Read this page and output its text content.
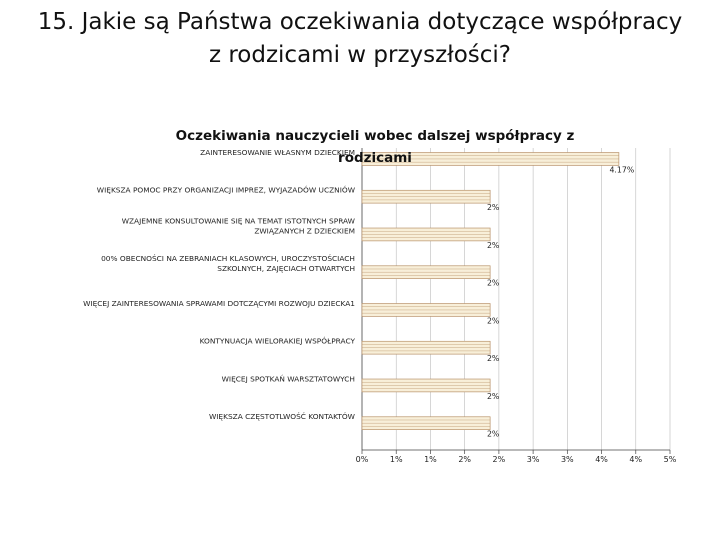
15. Jakie są Państwa oczekiwania dotyczące współpracy
z rodzicami w przyszłości?
0%	1%	1%	2%	2%	3%	3%	4%	4%	5%
ZAINTERESOWANIE WŁASNYM DZIECKIEM
4.17%
WIĘKSZA POMOC PRZY ORGANIZACJI IMPREZ, WYJAZADÓW UCZNIÓW
2%
WZAJEMNE KONSULTOWANIE SIĘ NA TEMAT ISTOTNYCH SPRAW
ZWIĄZANYCH Z DZIECKIEM
2%
00% OBECNOŚCI NA ZEBRANIACH KLASOWYCH, UROCZYSTOŚCIACH
SZKOLNYCH, ZAJĘCIACH OTWARTYCH
2%
WIĘCEJ ZAINTERESOWANIA SPRAWAMI DOTCZĄCYMI ROZWOJU DZIECKA1
2%
KONTYNUACJA WIELORAKIEJ WSPÓŁPRACY
2%
WIĘCEJ SPOTKAŃ WARSZTATOWYCH
2%
WIĘKSZA CZĘSTOTLWOŚĆ KONTAKTÓW
2%
Oczekiwania nauczycieli wobec dalszej współpracy z
rodzicami
